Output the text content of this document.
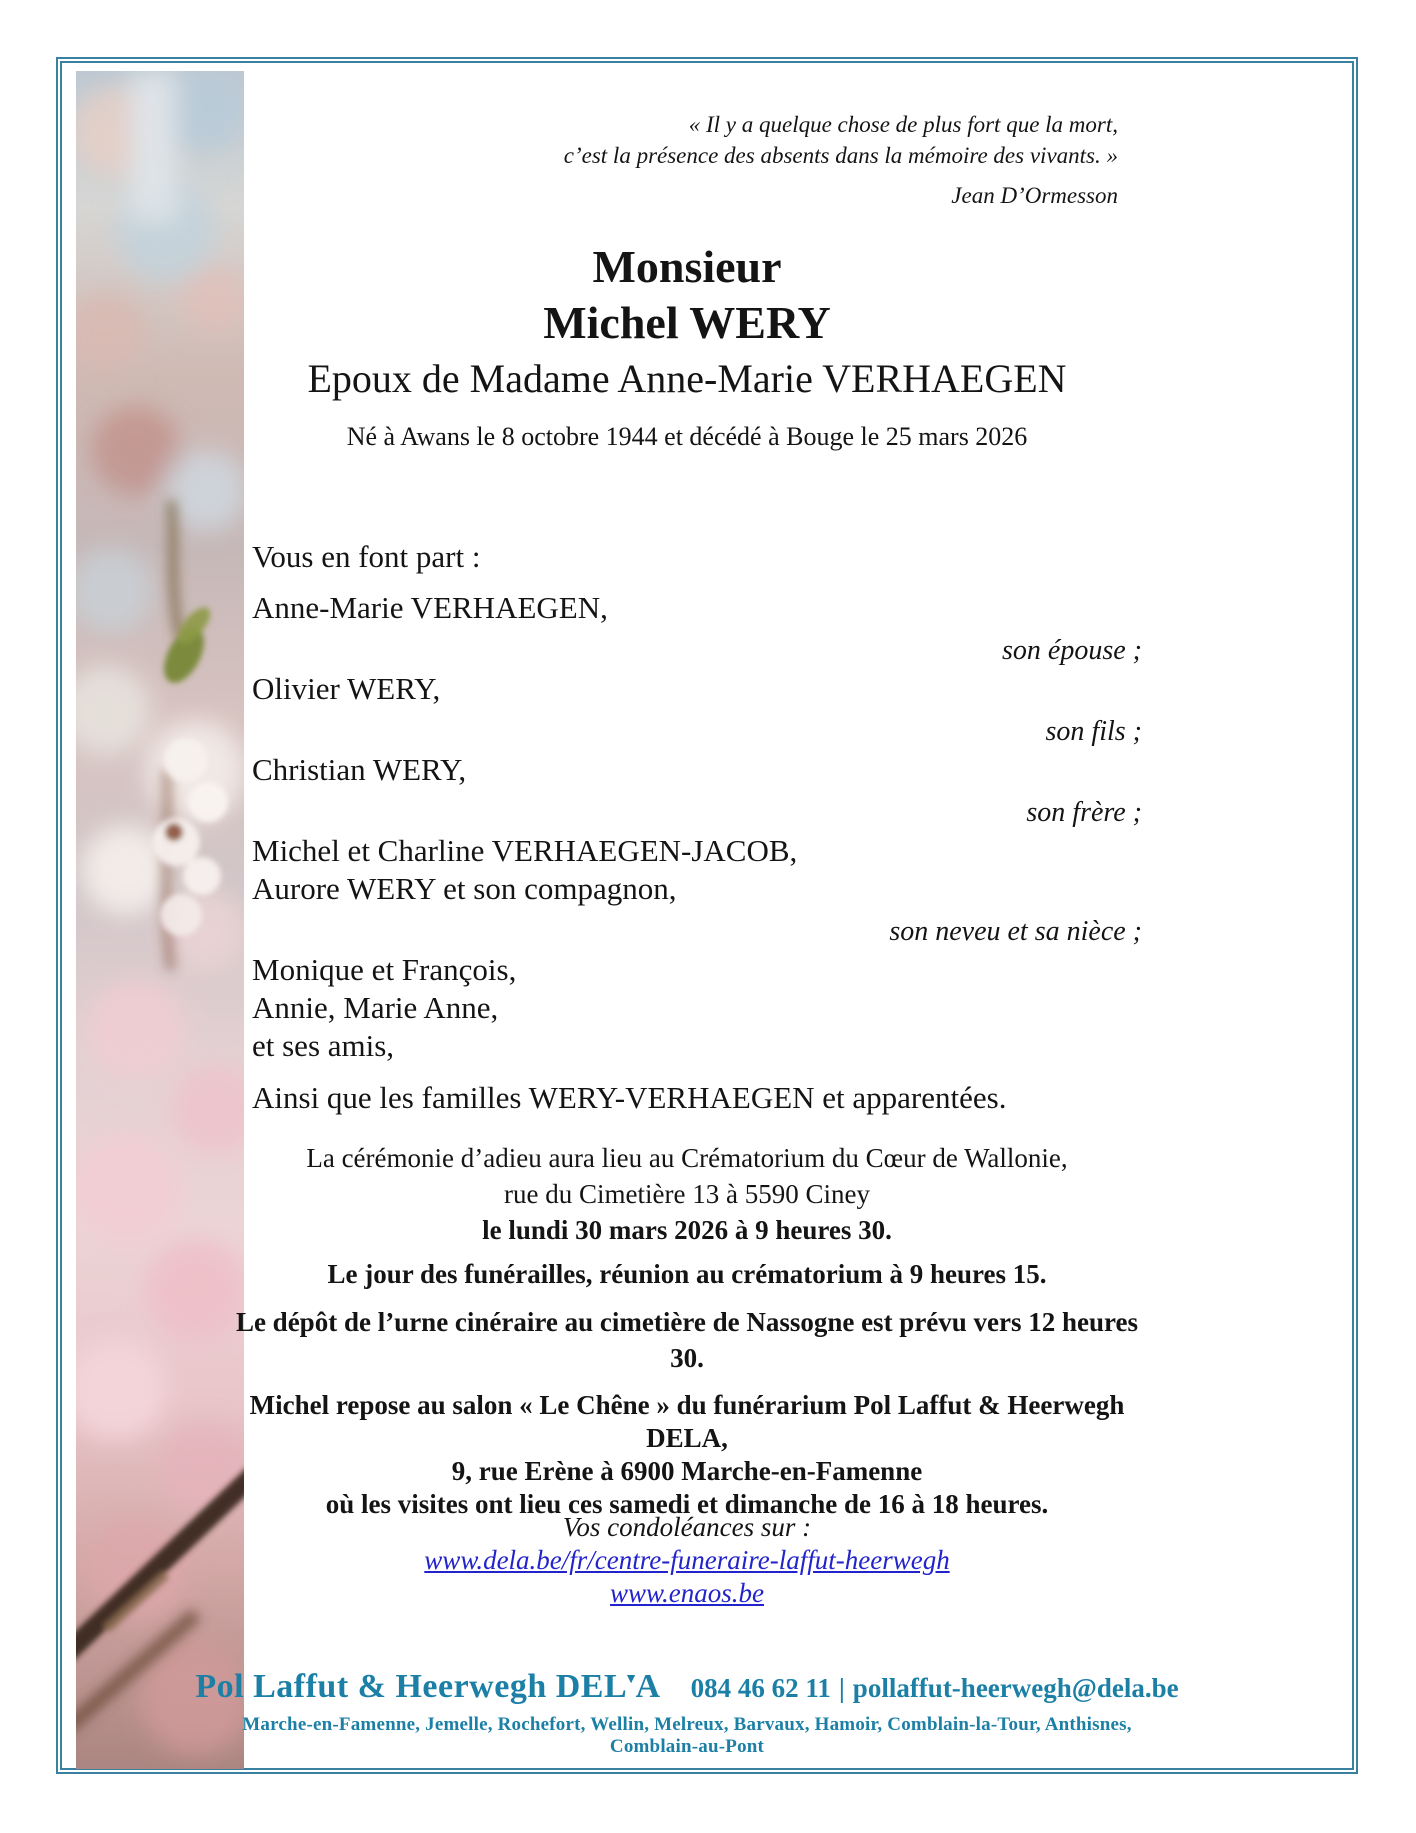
« Il y a quelque chose de plus fort que la mort,
c’est la présence des absents dans la mémoire des vivants. »
Jean D’Ormesson
Monsieur
Michel WERY
Epoux de Madame Anne-Marie VERHAEGEN
Né à Awans le 8 octobre 1944 et décédé à Bouge le 25 mars 2026
Vous en font part :
Anne-Marie VERHAEGEN,
son épouse ;
Olivier WERY,
son fils ;
Christian WERY,
son frère ;
Michel et Charline VERHAEGEN-JACOB,
Aurore WERY et son compagnon,
son neveu et sa nièce ;
Monique et François,
Annie, Marie Anne,
et ses amis,
Ainsi que les familles WERY-VERHAEGEN et apparentées.
La cérémonie d’adieu aura lieu au Crématorium du Cœur de Wallonie,
rue du Cimetière 13 à 5590 Ciney
le lundi 30 mars 2026 à 9 heures 30.
Le jour des funérailles, réunion au crématorium à 9 heures 15.
Le dépôt de l’urne cinéraire au cimetière de Nassogne est prévu vers 12 heures 30.
Michel repose au salon « Le Chêne » du funérarium Pol Laffut & Heerwegh DELA,
9, rue Erène à 6900 Marche-en-Famenne
où les visites ont lieu ces samedi et dimanche de 16 à 18 heures.
Vos condoléances sur :
www.dela.be/fr/centre-funeraire-laffut-heerwegh
www.enaos.be
Pol Laffut & Heerwegh DEL▼A 084 46 62 11 | pollaffut-heerwegh@dela.be
Marche-en-Famenne, Jemelle, Rochefort, Wellin, Melreux, Barvaux, Hamoir, Comblain-la-Tour, Anthisnes, Comblain-au-Pont
